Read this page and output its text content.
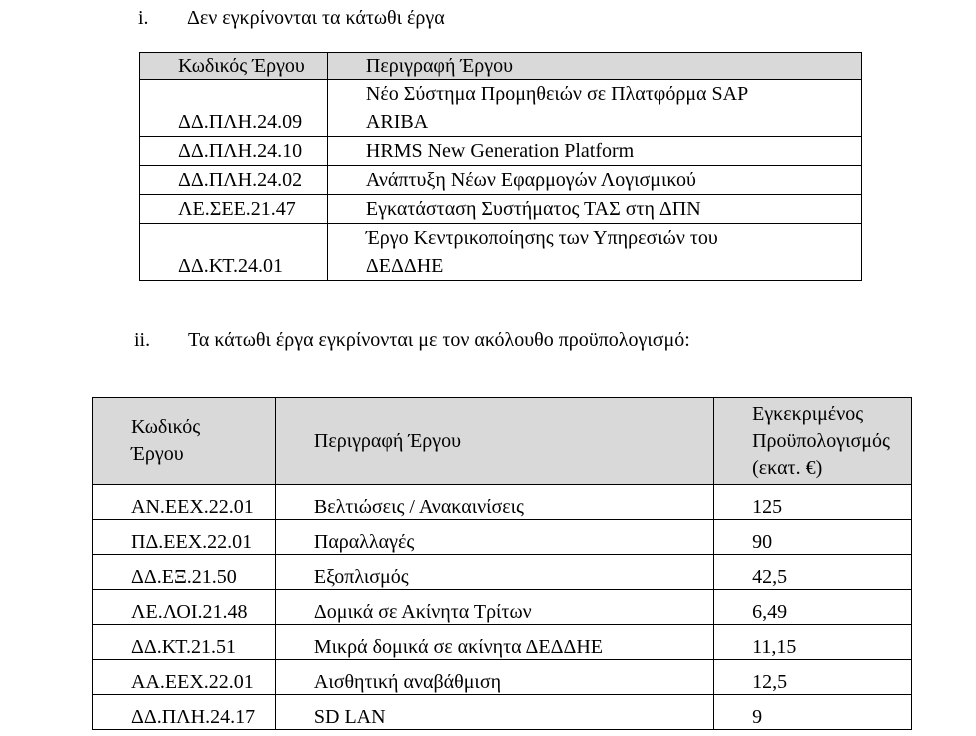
i. Δεν εγκρίνονται τα κάτωθι έργα
Κωδικός Έργου	Περιγραφή Έργου
ΔΔ.ΠΛΗ.24.09	Νέο Σύστημα Προμηθειών σε Πλατφόρμα SAP
ARIBA

ΔΔ.ΠΛΗ.24.10	HRMS New Generation Platform
ΔΔ.ΠΛΗ.24.02	Ανάπτυξη Νέων Εφαρμογών Λογισμικού
ΛΕ.ΣΕΕ.21.47	Εγκατάσταση Συστήματος ΤΑΣ στη ΔΠΝ
ΔΔ.ΚΤ.24.01	Έργο Κεντρικοποίησης των Υπηρεσιών του
ΔΕΔΔΗΕ
ii. Τα κάτωθι έργα εγκρίνονται με τον ακόλουθο προϋπολογισμό:
Κωδικός
Έργου	Περιγραφή Έργου	Εγκεκριμένος
Προϋπολογισμός
(εκατ. €)

ΑΝ.ΕΕΧ.22.01	Βελτιώσεις / Ανακαινίσεις	125
ΠΔ.ΕΕΧ.22.01	Παραλλαγές	90
ΔΔ.ΕΞ.21.50	Εξοπλισμός	42,5
ΛΕ.ΛΟΙ.21.48	Δομικά σε Ακίνητα Τρίτων	6,49
ΔΔ.ΚΤ.21.51	Μικρά δομικά σε ακίνητα ΔΕΔΔΗΕ	11,15
ΑΑ.ΕΕΧ.22.01	Αισθητική αναβάθμιση	12,5
ΔΔ.ΠΛΗ.24.17	SD LAN	9
